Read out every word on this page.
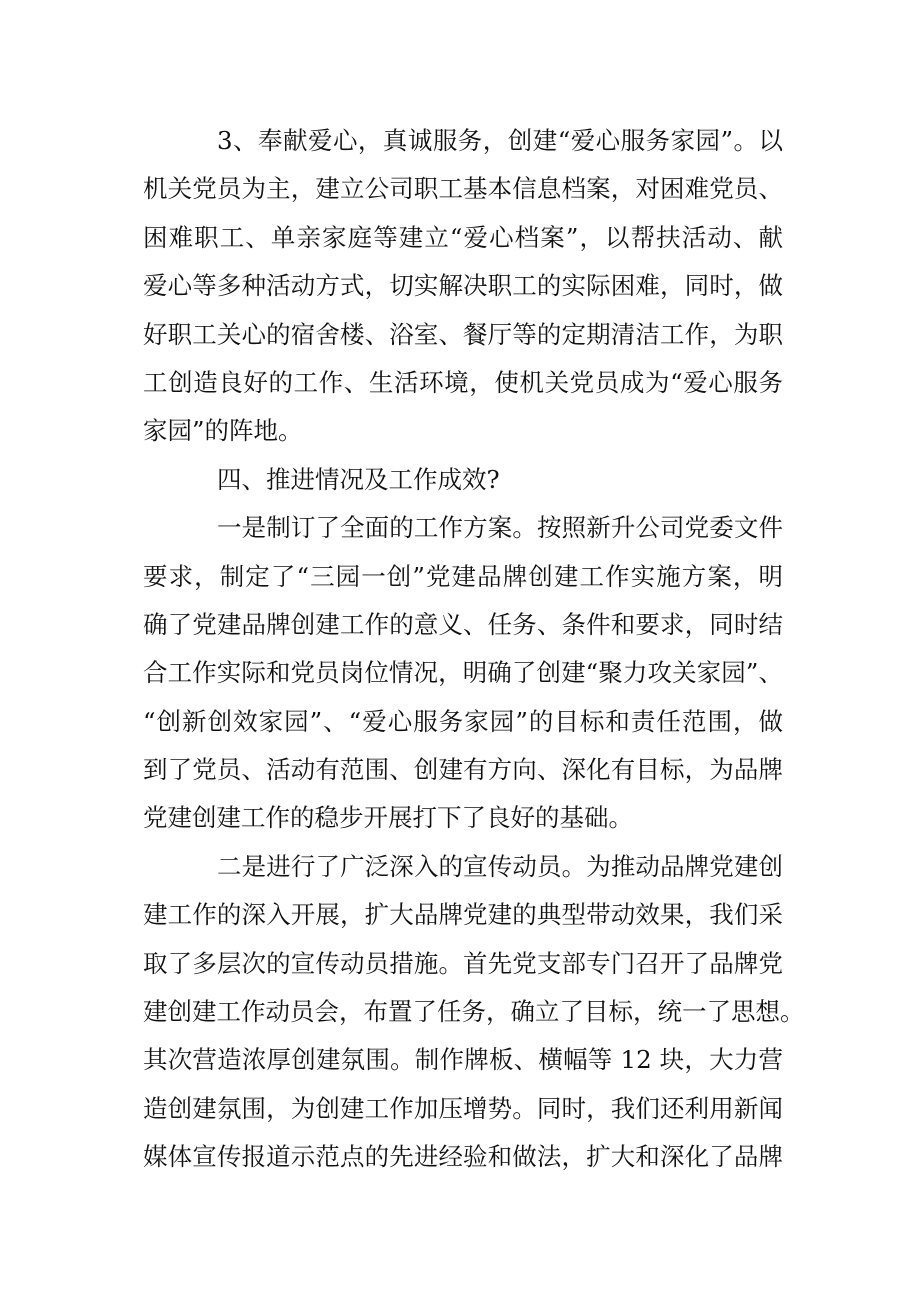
3、奉献爱心，真诚服务，创建“爱心服务家园”。以
机关党员为主，建立公司职工基本信息档案，对困难党员、
困难职工、单亲家庭等建立“爱心档案”，以帮扶活动、献
爱心等多种活动方式，切实解决职工的实际困难，同时，做
好职工关心的宿舍楼、浴室、餐厅等的定期清洁工作，为职
工创造良好的工作、生活环境，使机关党员成为“爱心服务
家园”的阵地。
四、推进情况及工作成效?
一是制订了全面的工作方案。按照新升公司党委文件
要求，制定了“三园一创”党建品牌创建工作实施方案，明
确了党建品牌创建工作的意义、任务、条件和要求，同时结
合工作实际和党员岗位情况，明确了创建“聚力攻关家园”、
“创新创效家园”、“爱心服务家园”的目标和责任范围，做
到了党员、活动有范围、创建有方向、深化有目标，为品牌
党建创建工作的稳步开展打下了良好的基础。
二是进行了广泛深入的宣传动员。为推动品牌党建创
建工作的深入开展，扩大品牌党建的典型带动效果，我们采
取了多层次的宣传动员措施。首先党支部专门召开了品牌党
建创建工作动员会，布置了任务，确立了目标，统一了思想。
其次营造浓厚创建氛围。制作牌板、横幅等 12 块，大力营
造创建氛围，为创建工作加压增势。同时，我们还利用新闻
媒体宣传报道示范点的先进经验和做法，扩大和深化了品牌
